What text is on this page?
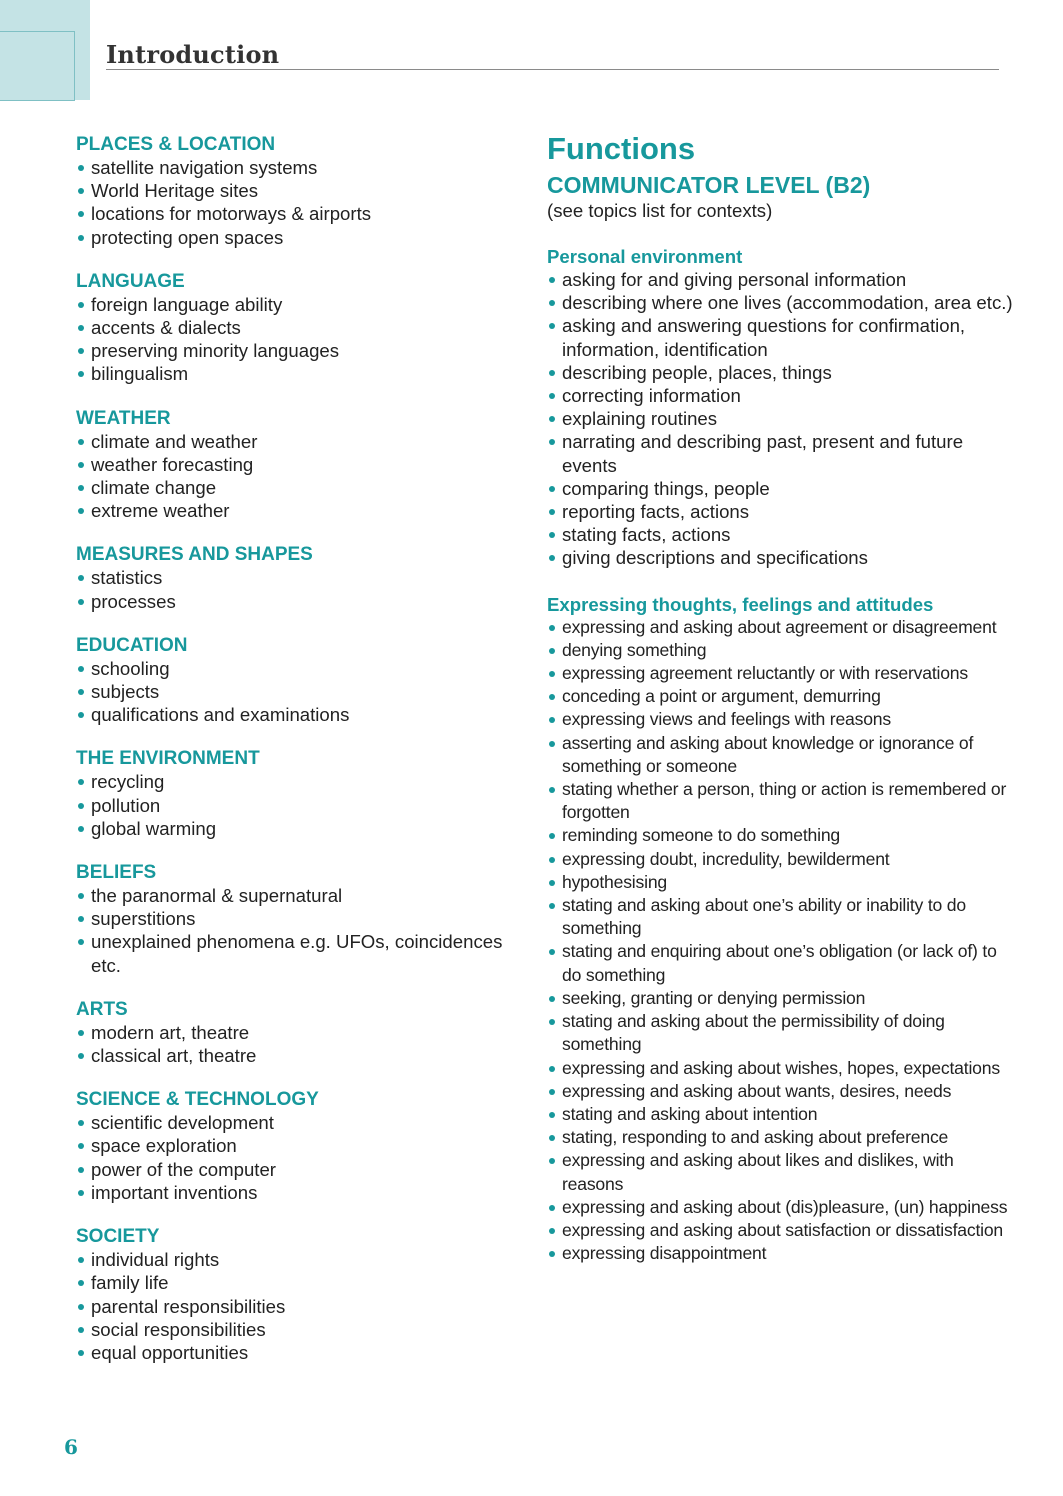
Introduction
PLACES & LOCATION
satellite navigation systems
World Heritage sites
locations for motorways & airports
protecting open spaces
LANGUAGE
foreign language ability
accents & dialects
preserving minority languages
bilingualism
WEATHER
climate and weather
weather forecasting
climate change
extreme weather
MEASURES AND SHAPES
statistics
processes
EDUCATION
schooling
subjects
qualifications and examinations
THE ENVIRONMENT
recycling
pollution
global warming
BELIEFS
the paranormal & supernatural
superstitions
unexplained phenomena e.g. UFOs, coincidences etc.
ARTS
modern art, theatre
classical art, theatre
SCIENCE & TECHNOLOGY
scientific development
space exploration
power of the computer
important inventions
SOCIETY
individual rights
family life
parental responsibilities
social responsibilities
equal opportunities
Functions
COMMUNICATOR LEVEL (B2)

(see topics list for contexts)

Personal environment
asking for and giving personal information
describing where one lives (accommodation, area etc.)
asking and answering questions for confirmation, information, identification
describing people, places, things
correcting information
explaining routines
narrating and describing past, present and future events
comparing things, people
reporting facts, actions
stating facts, actions
giving descriptions and specifications
Expressing thoughts, feelings and attitudes
expressing and asking about agreement or disagreement
denying something
expressing agreement reluctantly or with reservations
conceding a point or argument, demurring
expressing views and feelings with reasons
asserting and asking about knowledge or ignorance of something or someone
stating whether a person, thing or action is remembered or forgotten
reminding someone to do something
expressing doubt, incredulity, bewilderment
hypothesising
stating and asking about one’s ability or inability to do something
stating and enquiring about one’s obligation (or lack of) to do something
seeking, granting or denying permission
stating and asking about the permissibility of doing something
expressing and asking about wishes, hopes, expectations
expressing and asking about wants, desires, needs
stating and asking about intention
stating, responding to and asking about preference
expressing and asking about likes and dislikes, with reasons
expressing and asking about (dis)pleasure, (un) happiness
expressing and asking about satisfaction or dissatisfaction
expressing disappointment
6
